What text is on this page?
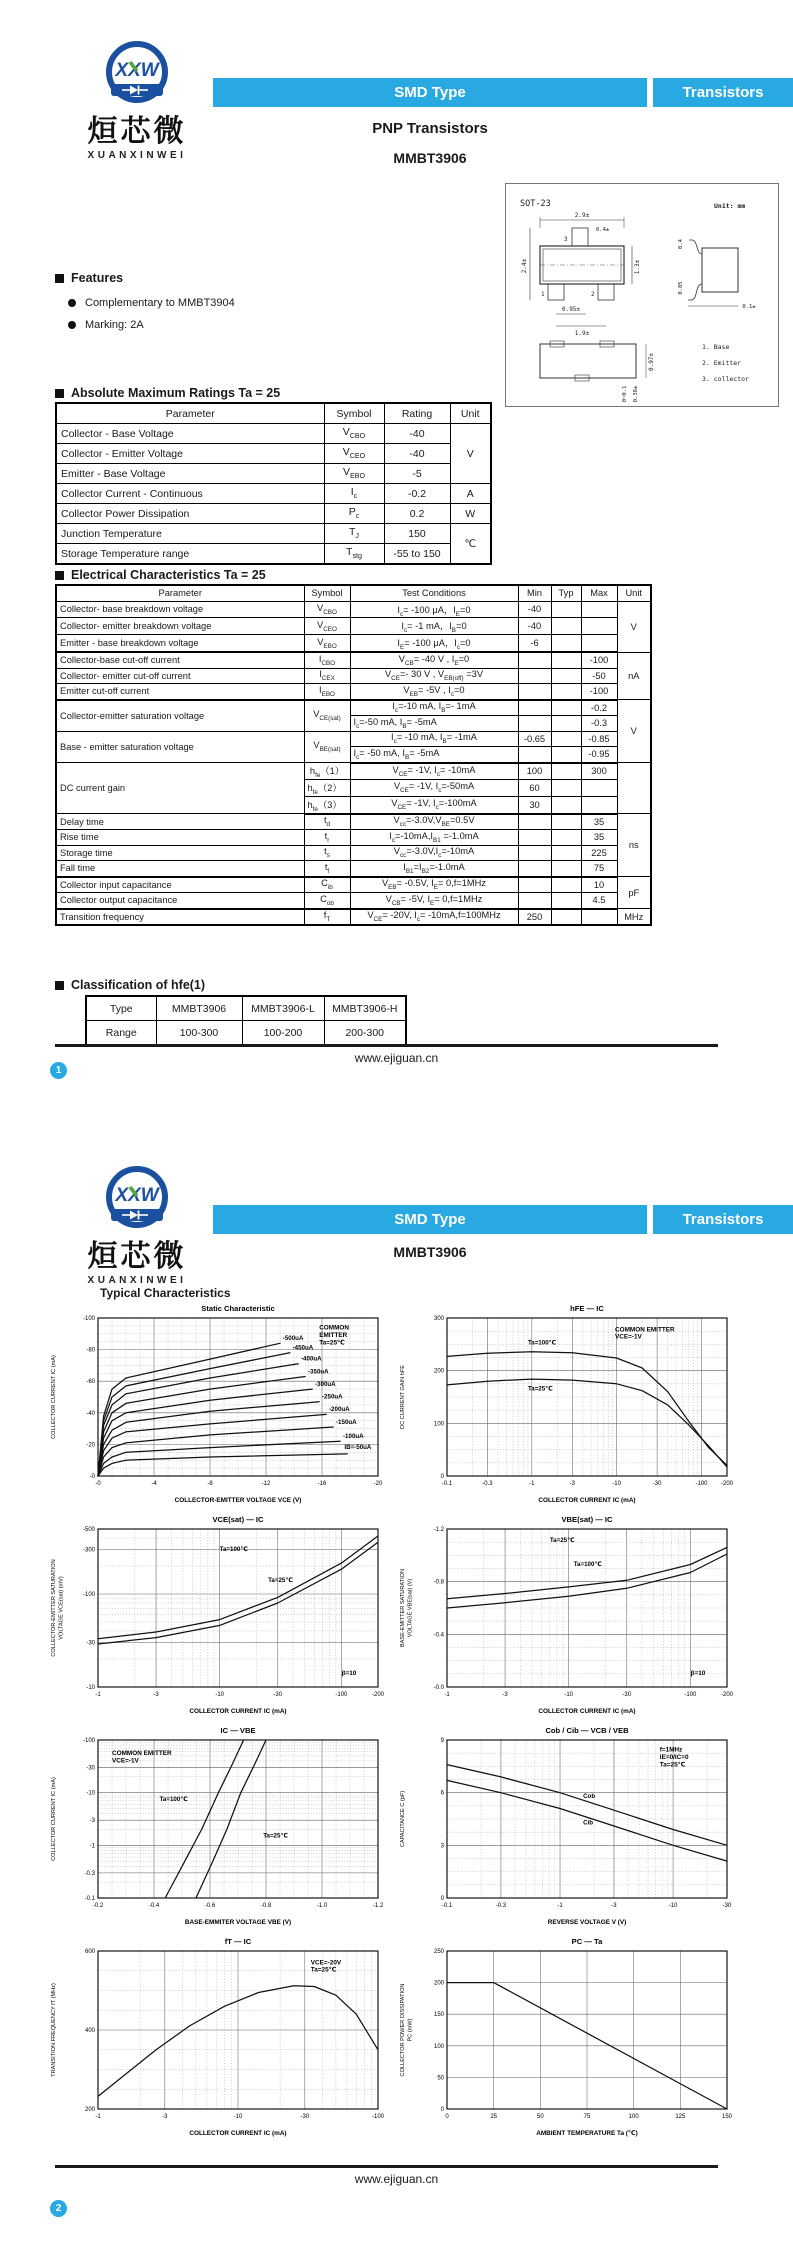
XXW
烜芯微
XUANXINWEI
SMD Type	Transistors
PNP Transistors
MMBT3906
SOT-23	Unit: mm
3
1	2
2.9±
0.4±
2.4±	1.3±
0.95±
1.9±
0.4
0.85
0.1±
0.97±
0~0.1 0.38±
1. Base
2. Emitter
3. collector
Features
Complementary to MMBT3904
Marking: 2A
Absolute Maximum Ratings Ta = 25
Parameter	Symbol	Rating	Unit
Collector - Base Voltage	$V_{CBO}$	-40	V
Collector - Emitter Voltage	$V_{CEO}$	-40	
Emitter - Base Voltage	$V_{EBO}$	-5	
Collector Current - Continuous	$I_c$	-0.2	A
Collector Power Dissipation	$P_c$	0.2	W
Junction Temperature	$T_J$	150	℃
Storage Temperature range	$T_{stg}$	-55 to 150	
Electrical Characteristics Ta = 25
Parameter	Symbol	Test Conditions	Min	Typ	Max	Unit
Collector- base breakdown voltage	$V_{CBO}$	$I_c= -100$ μA，$I_E=0$	-40			V
Collector- emitter breakdown voltage	$V_{CEO}$	$I_c= -1$ mA，$I_B=0$	-40			
Emitter - base breakdown voltage	$V_{EBO}$	$I_E= -100$ μA，$I_c=0$	-6			
Collector-base cut-off current	$I_{CBO}$	$V_{CB}= -40$ V , $I_E=0$			-100	nA
Collector- emitter cut-off current	$I_{CEX}$	$V_{CE}=-$ 30 V , $V_{EB(off)} =3V$			-50	
Emitter cut-off current	$I_{EBO}$	$V_{EB}= -5V$ , $I_c=0$			-100	
Collector-emitter saturation voltage	$V_{CE(sat)}$	$I_c=-10$ mA, $I_B=-$ 1mA			-0.2	V
		$I_c=-50$ mA, $I_B= -5mA$			-0.3	
Base - emitter saturation voltage	$V_{BE(sat)}$	$I_c= -10$ mA, $I_B= -1mA$	-0.65		-0.85	
		$I_c= -50$ mA, $I_B= -5mA$			-0.95	
DC current gain	$h_{fe}(1)$	$V_{CE}= -1V$, $I_c= -10mA$	100		300	
	$h_{fe}(2)$	$V_{CE}= -1V$, $I_c=-50mA$	60			
	$h_{fe}(3)$	$V_{CE}= -1V$, $I_c=-100mA$	30			
Delay time	$t_d$	$V_{cc}=-3.0V,V_{BE}=0.5V$			35	ns
Rise time	$t_r$	$I_c=-10mA,I_{B1} =-1.0mA$			35	
Storage time	$t_s$	$V_{cc}=-3.0V,I_c=-10mA$			225	
Fall time	$t_f$	$I_{B1}=I_{B2}=-1.0mA$			75	
Collector input capacitance	$C_{ib}$	$V_{EB}= -0.5V$, $I_E= 0,f=1MHz$			10	pF
Collector output capacitance	$C_{ob}$	$V_{CB}= -5V$, $I_E= 0,f=1MHz$			4.5	
Transition frequency	$f_T$	$V_{CE}= -20V$, $I_c= -10mA,f=100MHz$	250			MHz
Classification of hfe(1)
Type	MMBT3906	MMBT3906-L	MMBT3906-H
Range	100-300	100-200	200-300
www.ejiguan.cn
1
XXW
烜芯微
XUANXINWEI
SMD Type	Transistors
MMBT3906
Typical Characteristics
-0	-4	-8	-12	-16	-20
-0
-20
-40
-60
-80
-100
-500uA
-450uA
-400uA
-350uA
-300uA
-250uA
-200uA
-150uA
-100uA
IB=-50uA
COMMON
EMITTER
Ta=25℃
Static Characteristic
COLLECTOR-EMITTER VOLTAGE VCE (V)
COLLECTOR CURRENT IC (mA)
-0.1	-0.3	-1	-3	-10	-30	-100 -200
0
100
200
300
Ta=100℃
Ta=25℃
COMMON EMITTER
VCE=-1V
hFE — IC
COLLECTOR CURRENT IC (mA)
DC CURRENT GAIN hFE
-1	-3	-10	-30	-100	-200
-10
-30
-100
-300
-500
Ta=100℃
Ta=25℃
β=10
VCE(sat) — IC
COLLECTOR CURRENT IC (mA)
COLLECTOR-EMITTER SATURATION VOLTAGE VCE(sat) (mV)
-1	-3	-10	-30	-100	-200
-0.0
-0.4
-0.8
-1.2
Ta=25℃
Ta=100℃
β=10
VBE(sat) — IC
COLLECTOR CURRENT IC (mA)
BASE-EMITTER SATURATION VOLTAGE VBE(sat) (V)
-0.2	-0.4	-0.6	-0.8	-1.0	-1.2
-0.1
-0.3
-1
-3
-10
-30
-100
Ta=100℃
Ta=25℃
COMMON EMITTER
VCE=-1V
IC — VBE
BASE-EMMITER VOLTAGE VBE (V)
COLLECTOR CURRENT IC (mA)
-0.1	-0.3	-1	-3	-10	-30
0
3
6
9
Cob
Cib
f=1MHz
IE=0/IC=0
Ta=25℃
Cob / Cib — VCB / VEB
REVERSE VOLTAGE V (V)
CAPACITANCE C (pF)
-1	-3	-10	-30	-100
200
400
600
VCE=-20V
Ta=25℃
fT — IC
COLLECTOR CURRENT IC (mA)
TRANSITION FREQUENCY fT (MHz)
0	25	50	75	100	125	150
0
50
100
150
200
250
PC — Ta
AMBIENT TEMPERATURE Ta (℃)
COLLECTOR POWER DISSIPATION PC (mW)
www.ejiguan.cn
2
